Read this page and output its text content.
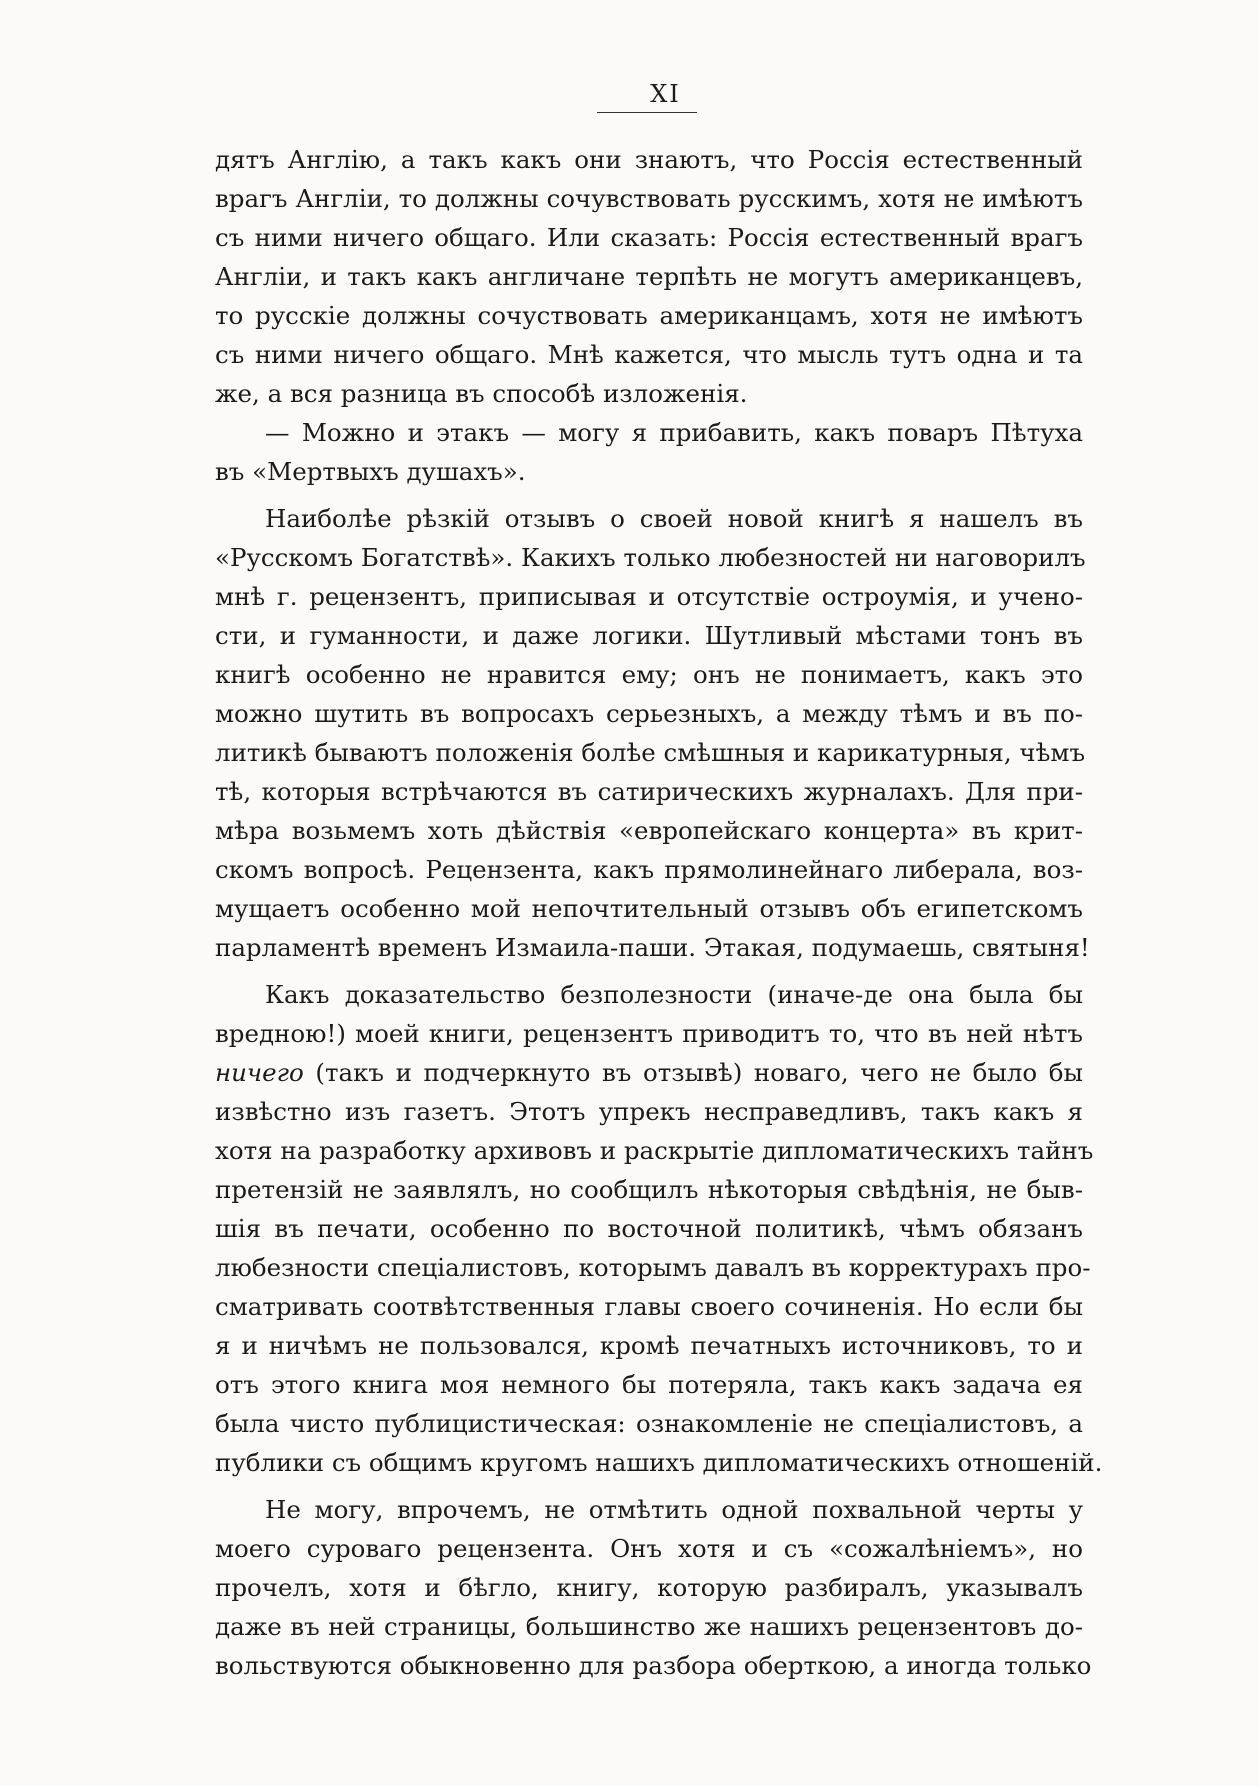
XI
дятъ Англію, а такъ какъ они знаютъ, что Россія естественный
врагъ Англіи, то должны сочувствовать русскимъ, хотя не имѣютъ
съ ними ничего общаго. Или сказать: Россія естественный врагъ
Англіи, и такъ какъ англичане терпѣть не могутъ американцевъ,
то русскіе должны сочуствовать американцамъ, хотя не имѣютъ
съ ними ничего общаго. Мнѣ кажется, что мысль тутъ одна и та
же, а вся разница въ способѣ изложенія.
— Можно и этакъ — могу я прибавить, какъ поваръ Пѣтуха
въ «Мертвыхъ душахъ».
Наиболѣе рѣзкій отзывъ о своей новой книгѣ я нашелъ въ
«Русскомъ Богатствѣ». Какихъ только любезностей ни наговорилъ
мнѣ г. рецензентъ, приписывая и отсутствіе остроумія, и учено-
сти, и гуманности, и даже логики. Шутливый мѣстами тонъ въ
книгѣ особенно не нравится ему; онъ не понимаетъ, какъ это
можно шутить въ вопросахъ серьезныхъ, а между тѣмъ и въ по-
литикѣ бываютъ положенія болѣе смѣшныя и карикатурныя, чѣмъ
тѣ, которыя встрѣчаются въ сатирическихъ журналахъ. Для при-
мѣра возьмемъ хоть дѣйствія «европейскаго концерта» въ крит-
скомъ вопросѣ. Рецензента, какъ прямолинейнаго либерала, воз-
мущаетъ особенно мой непочтительный отзывъ объ египетскомъ
парламентѣ временъ Измаила-паши. Этакая, подумаешь, святыня!
Какъ доказательство безполезности (иначе-де она была бы
вредною!) моей книги, рецензентъ приводитъ то, что въ ней нѣтъ
ничего (такъ и подчеркнуто въ отзывѣ) новаго, чего не было бы
извѣстно изъ газетъ. Этотъ упрекъ несправедливъ, такъ какъ я
хотя на разработку архивовъ и раскрытіе дипломатическихъ тайнъ
претензій не заявлялъ, но сообщилъ нѣкоторыя свѣдѣнія, не быв-
шія въ печати, особенно по восточной политикѣ, чѣмъ обязанъ
любезности спеціалистовъ, которымъ давалъ въ корректурахъ про-
сматривать соотвѣтственныя главы своего сочиненія. Но если бы
я и ничѣмъ не пользовался, кромѣ печатныхъ источниковъ, то и
отъ этого книга моя немного бы потеряла, такъ какъ задача ея
была чисто публицистическая: ознакомленіе не спеціалистовъ, а
публики съ общимъ кругомъ нашихъ дипломатическихъ отношеній.
Не могу, впрочемъ, не отмѣтить одной похвальной черты у
моего суроваго рецензента. Онъ хотя и съ «сожалѣніемъ», но
прочелъ, хотя и бѣгло, книгу, которую разбиралъ, указывалъ
даже въ ней страницы, большинство же нашихъ рецензентовъ до-
вольствуются обыкновенно для разбора оберткою, а иногда только
